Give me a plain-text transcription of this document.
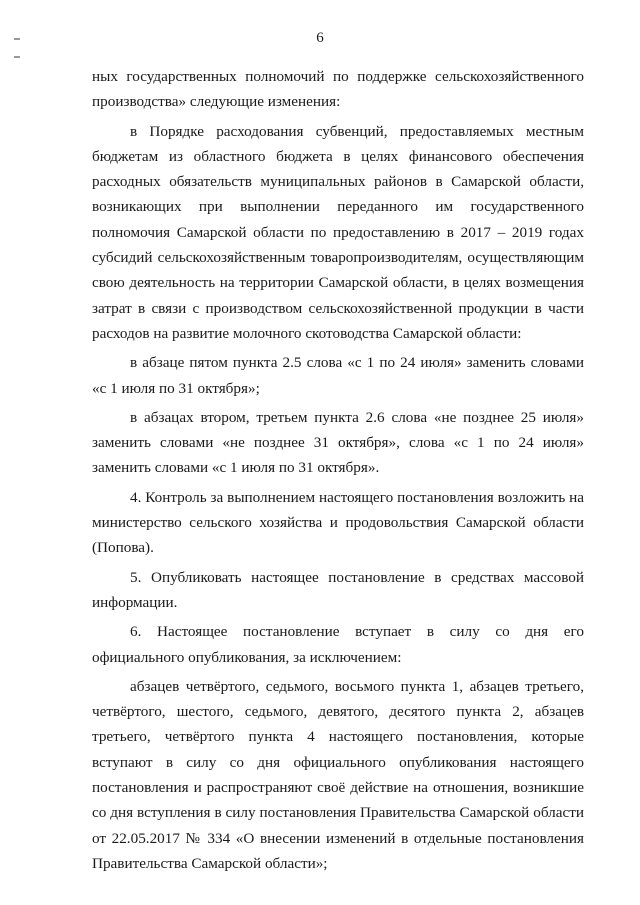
6

ных государственных полномочий по поддержке сельскохозяйственного производства» следующие изменения:

в Порядке расходования субвенций, предоставляемых местным бюджетам из областного бюджета в целях финансового обеспечения расходных обязательств муниципальных районов в Самарской области, возникающих при выполнении переданного им государственного полномочия Самарской области по предоставлению в 2017 – 2019 годах субсидий сельскохозяйственным товаропроизводителям, осуществляющим свою деятельность на территории Самарской области, в целях возмещения затрат в связи с производством сельскохозяйственной продукции в части расходов на развитие молочного скотоводства Самарской области:

в абзаце пятом пункта 2.5 слова «с 1 по 24 июля» заменить словами «с 1 июля по 31 октября»;

в абзацах втором, третьем пункта 2.6 слова «не позднее 25 июля» заменить словами «не позднее 31 октября», слова «с 1 по 24 июля» заменить словами «с 1 июля по 31 октября».

4. Контроль за выполнением настоящего постановления возложить на министерство сельского хозяйства и продовольствия Самарской области (Попова).

5. Опубликовать настоящее постановление в средствах массовой информации.

6. Настоящее постановление вступает в силу со дня его официального опубликования, за исключением:

абзацев четвёртого, седьмого, восьмого пункта 1, абзацев третьего, четвёртого, шестого, седьмого, девятого, десятого пункта 2, абзацев третьего, четвёртого пункта 4 настоящего постановления, которые вступают в силу со дня официального опубликования настоящего постановления и распространяют своё действие на отношения, возникшие со дня вступления в силу постановления Правительства Самарской области от 22.05.2017 № 334 «О внесении изменений в отдельные постановления Правительства Самарской области»;
